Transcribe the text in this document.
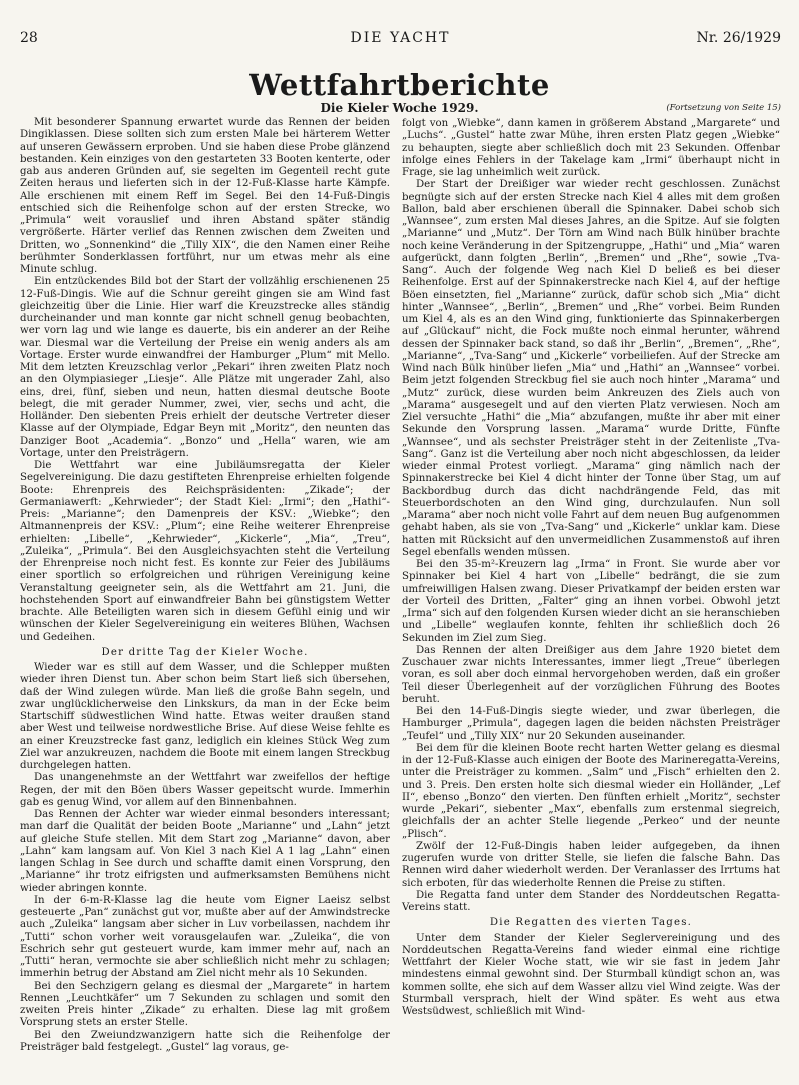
28	DIE YACHT	Nr. 26/1929
Wettfahrtberichte
Die Kieler Woche 1929.	(Fortsetzung von Seite 15)

Mit besonderer Spannung erwartet wurde das Rennen der beiden Dingiklassen. Diese sollten sich zum ersten Male bei härterem Wetter auf unseren Gewässern erproben. Und sie haben diese Probe glänzend bestanden. Kein einziges von den gestarteten 33 Booten kenterte, oder gab aus anderen Gründen auf, sie segelten im Gegenteil recht gute Zeiten heraus und lieferten sich in der 12-Fuß-Klasse harte Kämpfe. Alle erschienen mit einem Reff im Segel. Bei den 14-Fuß-Dingis entschied sich die Reihenfolge schon auf der ersten Strecke, wo „Primula“ weit vorauslief und ihren Abstand später ständig vergrößerte. Härter verlief das Rennen zwischen dem Zweiten und Dritten, wo „Sonnenkind“ die „Tilly XIX“, die den Namen einer Reihe berühmter Sonderklassen fortführt, nur um etwas mehr als eine Minute schlug.

Ein entzückendes Bild bot der Start der vollzählig erschienenen 25 12-Fuß-Dingis. Wie auf die Schnur gereiht gingen sie am Wind fast gleichzeitig über die Linie. Hier warf die Kreuzstrecke alles ständig durcheinander und man konnte gar nicht schnell genug beobachten, wer vorn lag und wie lange es dauerte, bis ein anderer an der Reihe war. Diesmal war die Verteilung der Preise ein wenig anders als am Vortage. Erster wurde einwandfrei der Hamburger „Plum“ mit Mello. Mit dem letzten Kreuzschlag verlor „Pekari“ ihren zweiten Platz noch an den Olympiasieger „Liesje“. Alle Plätze mit ungerader Zahl, also eins, drei, fünf, sieben und neun, hatten diesmal deutsche Boote belegt, die mit gerader Nummer, zwei, vier, sechs und acht, die Holländer. Den siebenten Preis erhielt der deutsche Vertreter dieser Klasse auf der Olympiade, Edgar Beyn mit „Moritz“, den neunten das Danziger Boot „Academia“. „Bonzo“ und „Hella“ waren, wie am Vortage, unter den Preisträgern.

Die Wettfahrt war eine Jubiläumsregatta der Kieler Segelvereinigung. Die dazu gestifteten Ehrenpreise erhielten folgende Boote: Ehrenpreis des Reichspräsidenten: „Zikade“; der Germaniawerft: „Kehrwieder“; der Stadt Kiel: „Irmi“; den „Hathi“-Preis: „Marianne“; den Damenpreis der KSV.: „Wiebke“; den Altmannenpreis der KSV.: „Plum“; eine Reihe weiterer Ehrenpreise erhielten: „Libelle“, „Kehrwieder“, „Kickerle“, „Mia“, „Treu“, „Zuleika“, „Primula“. Bei den Ausgleichsyachten steht die Verteilung der Ehrenpreise noch nicht fest. Es konnte zur Feier des Jubiläums einer sportlich so erfolgreichen und rührigen Vereinigung keine Veranstaltung geeigneter sein, als die Wettfahrt am 21. Juni, die hochstehenden Sport auf einwandfreier Bahn bei günstigstem Wetter brachte. Alle Beteiligten waren sich in diesem Gefühl einig und wir wünschen der Kieler Segelvereinigung ein weiteres Blühen, Wachsen und Gedeihen.

Der dritte Tag der Kieler Woche.

Wieder war es still auf dem Wasser, und die Schlepper mußten wieder ihren Dienst tun. Aber schon beim Start ließ sich übersehen, daß der Wind zulegen würde. Man ließ die große Bahn segeln, und zwar unglücklicherweise den Linkskurs, da man in der Ecke beim Startschiff südwestlichen Wind hatte. Etwas weiter draußen stand aber West und teilweise nordwestliche Brise. Auf diese Weise fehlte es an einer Kreuzstrecke fast ganz, lediglich ein kleines Stück Weg zum Ziel war anzukreuzen, nachdem die Boote mit einem langen Streckbug durchgelegen hatten.

Das unangenehmste an der Wettfahrt war zweifellos der heftige Regen, der mit den Böen übers Wasser gepeitscht wurde. Immerhin gab es genug Wind, vor allem auf den Binnenbahnen.

Das Rennen der Achter war wieder einmal besonders interessant; man darf die Qualität der beiden Boote „Marianne“ und „Lahn“ jetzt auf gleiche Stufe stellen. Mit dem Start zog „Marianne“ davon, aber „Lahn“ kam langsam auf. Von Kiel 3 nach Kiel A 1 lag „Lahn“ einen langen Schlag in See durch und schaffte damit einen Vorsprung, den „Marianne“ ihr trotz eifrigsten und aufmerksamsten Bemühens nicht wieder abringen konnte.

In der 6-m-R-Klasse lag die heute vom Eigner Laeisz selbst gesteuerte „Pan“ zunächst gut vor, mußte aber auf der Amwindstrecke auch „Zuleika“ langsam aber sicher in Luv vorbeilassen, nachdem ihr „Tutti“ schon vorher weit vorausgelaufen war. „Zuleika“, die von Eschrich sehr gut gesteuert wurde, kam immer mehr auf, nach an „Tutti“ heran, vermochte sie aber schließlich nicht mehr zu schlagen; immerhin betrug der Abstand am Ziel nicht mehr als 10 Sekunden.

Bei den Sechzigern gelang es diesmal der „Margarete“ in hartem Rennen „Leuchtkäfer“ um 7 Sekunden zu schlagen und somit den zweiten Preis hinter „Zikade“ zu erhalten. Diese lag mit großem Vorsprung stets an erster Stelle.

Bei den Zweiundzwanzigern hatte sich die Reihenfolge der Preisträger bald festgelegt. „Gustel“ lag voraus, ge-

folgt von „Wiebke“, dann kamen in größerem Abstand „Margarete“ und „Luchs“. „Gustel“ hatte zwar Mühe, ihren ersten Platz gegen „Wiebke“ zu behaupten, siegte aber schließlich doch mit 23 Sekunden. Offenbar infolge eines Fehlers in der Takelage kam „Irmi“ überhaupt nicht in Frage, sie lag unheimlich weit zurück.

Der Start der Dreißiger war wieder recht geschlossen. Zunächst begnügte sich auf der ersten Strecke nach Kiel 4 alles mit dem großen Ballon, bald aber erschienen überall die Spinnaker. Dabei schob sich „Wannsee“, zum ersten Mal dieses Jahres, an die Spitze. Auf sie folgten „Marianne“ und „Mutz“. Der Törn am Wind nach Bülk hinüber brachte noch keine Veränderung in der Spitzengruppe, „Hathi“ und „Mia“ waren aufgerückt, dann folgten „Berlin“, „Bremen“ und „Rhe“, sowie „Tva-Sang“. Auch der folgende Weg nach Kiel D beließ es bei dieser Reihenfolge. Erst auf der Spinnakerstrecke nach Kiel 4, auf der heftige Böen einsetzten, fiel „Marianne“ zurück, dafür schob sich „Mia“ dicht hinter „Wannsee“, „Berlin“, „Bremen“ und „Rhe“ vorbei. Beim Runden um Kiel 4, als es an den Wind ging, funktionierte das Spinnakerbergen auf „Glückauf“ nicht, die Fock mußte noch einmal herunter, während dessen der Spinnaker back stand, so daß ihr „Berlin“, „Bremen“, „Rhe“, „Marianne“, „Tva-Sang“ und „Kickerle“ vorbeiliefen. Auf der Strecke am Wind nach Bülk hinüber liefen „Mia“ und „Hathi“ an „Wannsee“ vorbei. Beim jetzt folgenden Streckbug fiel sie auch noch hinter „Marama“ und „Mutz“ zurück, diese wurden beim Ankreuzen des Ziels auch von „Marama“ ausgesegelt und auf den vierten Platz verwiesen. Noch am Ziel versuchte „Hathi“ die „Mia“ abzufangen, mußte ihr aber mit einer Sekunde den Vorsprung lassen. „Marama“ wurde Dritte, Fünfte „Wannsee“, und als sechster Preisträger steht in der Zeitenliste „Tva-Sang“. Ganz ist die Verteilung aber noch nicht abgeschlossen, da leider wieder einmal Protest vorliegt. „Marama“ ging nämlich nach der Spinnakerstrecke bei Kiel 4 dicht hinter der Tonne über Stag, um auf Backbordbug durch das dicht nachdrängende Feld, das mit Steuerbordschoten an den Wind ging, durchzulaufen. Nun soll „Marama“ aber noch nicht volle Fahrt auf dem neuen Bug aufgenommen gehabt haben, als sie von „Tva-Sang“ und „Kickerle“ unklar kam. Diese hatten mit Rücksicht auf den unvermeidlichen Zusammenstoß auf ihren Segel ebenfalls wenden müssen.

Bei den 35-m²-Kreuzern lag „Irma“ in Front. Sie wurde aber vor Spinnaker bei Kiel 4 hart von „Libelle“ bedrängt, die sie zum umfreiwilligen Halsen zwang. Dieser Privatkampf der beiden ersten war der Vorteil des Dritten, „Falter“ ging an ihnen vorbei. Obwohl jetzt „Irma“ sich auf den folgenden Kursen wieder dicht an sie heranschieben und „Libelle“ weglaufen konnte, fehlten ihr schließlich doch 26 Sekunden im Ziel zum Sieg.

Das Rennen der alten Dreißiger aus dem Jahre 1920 bietet dem Zuschauer zwar nichts Interessantes, immer liegt „Treue“ überlegen voran, es soll aber doch einmal hervorgehoben werden, daß ein großer Teil dieser Überlegenheit auf der vorzüglichen Führung des Bootes beruht.

Bei den 14-Fuß-Dingis siegte wieder, und zwar überlegen, die Hamburger „Primula“, dagegen lagen die beiden nächsten Preisträger „Teufel“ und „Tilly XIX“ nur 20 Sekunden auseinander.

Bei dem für die kleinen Boote recht harten Wetter gelang es diesmal in der 12-Fuß-Klasse auch einigen der Boote des Marineregatta-Vereins, unter die Preisträger zu kommen. „Salm“ und „Fisch“ erhielten den 2. und 3. Preis. Den ersten holte sich diesmal wieder ein Holländer, „Lef II“, ebenso „Bonzo“ den vierten. Den fünften erhielt „Moritz“, sechster wurde „Pekari“, siebenter „Max“, ebenfalls zum erstenmal siegreich, gleichfalls der an achter Stelle liegende „Perkeo“ und der neunte „Plisch“.

Zwölf der 12-Fuß-Dingis haben leider aufgegeben, da ihnen zugerufen wurde von dritter Stelle, sie liefen die falsche Bahn. Das Rennen wird daher wiederholt werden. Der Veranlasser des Irrtums hat sich erboten, für das wiederholte Rennen die Preise zu stiften.

Die Regatta fand unter dem Stander des Norddeutschen Regatta-Vereins statt.

Die Regatten des vierten Tages.

Unter dem Stander der Kieler Seglervereinigung und des Norddeutschen Regatta-Vereins fand wieder einmal eine richtige Wettfahrt der Kieler Woche statt, wie wir sie fast in jedem Jahr mindestens einmal gewohnt sind. Der Sturmball kündigt schon an, was kommen sollte, ehe sich auf dem Wasser allzu viel Wind zeigte. Was der Sturmball versprach, hielt der Wind später. Es weht aus etwa Westsüdwest, schließlich mit Wind-
